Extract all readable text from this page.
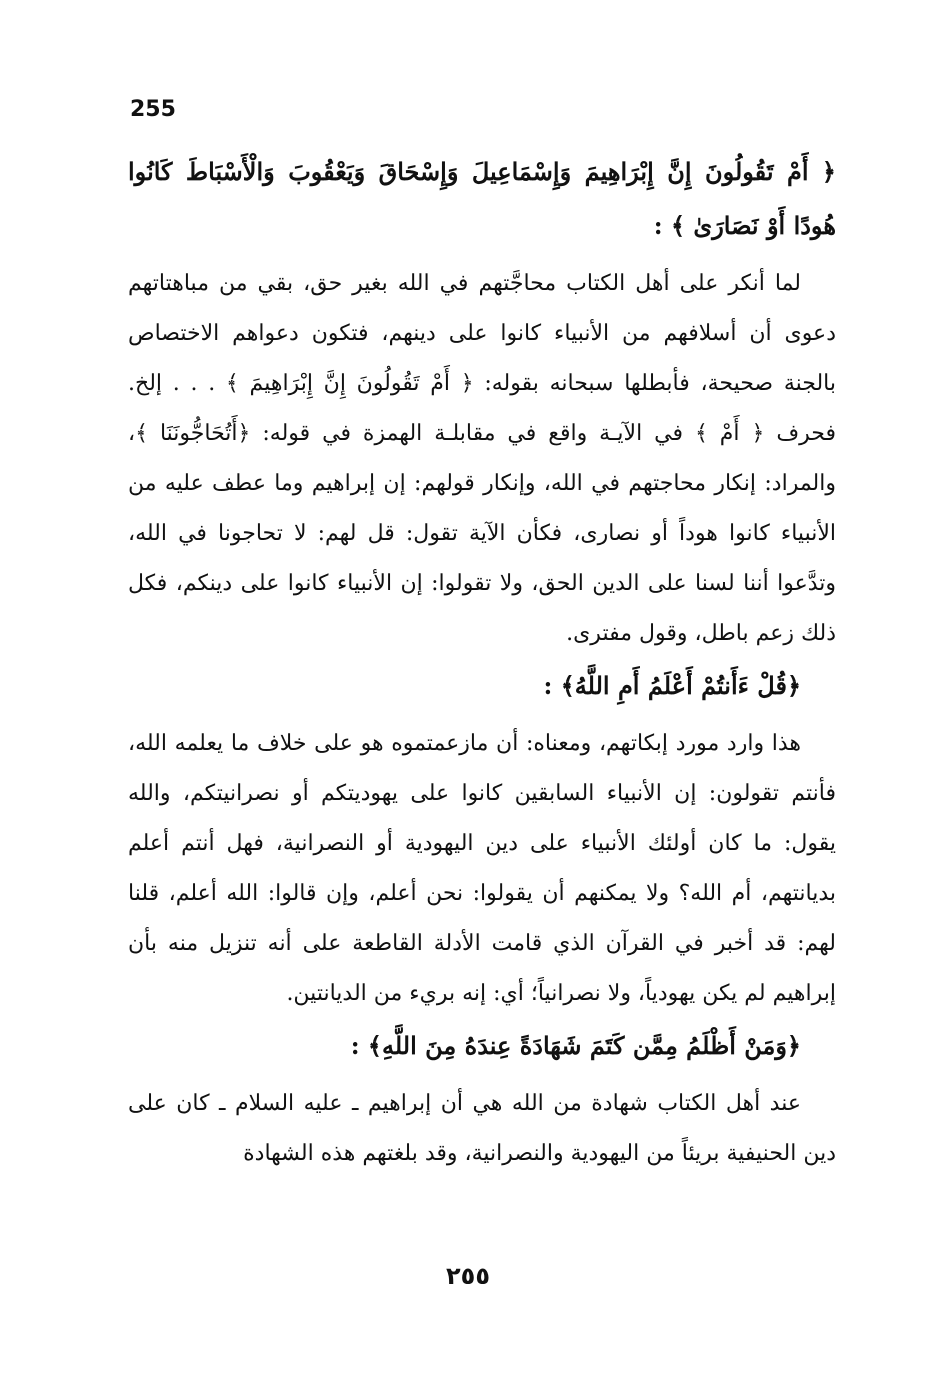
255

﴿ أَمْ تَقُولُونَ إِنَّ إِبْرَاهِيمَ وَإِسْمَاعِيلَ وَإِسْحَاقَ وَيَعْقُوبَ وَالْأَسْبَاطَ كَانُوا هُودًا أَوْ نَصَارَىٰ ﴾ :

لما أنكر على أهل الكتاب محاجَّتهم في الله بغير حق، بقي من مباهتاتهم دعوى أن أسلافهم من الأنبياء كانوا على دينهم، فتكون دعواهم الاختصاص بالجنة صحيحة، فأبطلها سبحانه بقوله: ﴿ أَمْ تَقُولُونَ إِنَّ إِبْرَاهِيمَ ﴾ . . . إلخ. فحرف ﴿ أَمْ ﴾ في الآيـة واقع في مقابلـة الهمزة في قوله: ﴿أَتُحَاجُّونَنَا ﴾، والمراد: إنكار محاجتهم في الله، وإنكار قولهم: إن إبراهيم وما عطف عليه من الأنبياء كانوا هوداً أو نصارى، فكأن الآية تقول: قل لهم: لا تحاجونا في الله، وتدَّعوا أننا لسنا على الدين الحق، ولا تقولوا: إن الأنبياء كانوا على دينكم، فكل ذلك زعم باطل، وقول مفترى.

﴿قُلْ ءَأَنتُمْ أَعْلَمُ أَمِ اللَّهُ﴾ :

هذا وارد مورد إبكاتهم، ومعناه: أن مازعمتموه هو على خلاف ما يعلمه الله، فأنتم تقولون: إن الأنبياء السابقين كانوا على يهوديتكم أو نصرانيتكم، والله يقول: ما كان أولئك الأنبياء على دين اليهودية أو النصرانية، فهل أنتم أعلم بديانتهم، أم الله؟ ولا يمكنهم أن يقولوا: نحن أعلم، وإن قالوا: الله أعلم، قلنا لهم: قد أخبر في القرآن الذي قامت الأدلة القاطعة على أنه تنزيل منه بأن إبراهيم لم يكن يهودياً، ولا نصرانياً؛ أي: إنه بريء من الديانتين.

﴿وَمَنْ أَظْلَمُ مِمَّن كَتَمَ شَهَادَةً عِندَهُ مِنَ اللَّهِ﴾ :

عند أهل الكتاب شهادة من الله هي أن إبراهيم ـ عليه السلام ـ كان على دين الحنيفية بريئاً من اليهودية والنصرانية، وقد بلغتهم هذه الشهادة

٢٥٥
